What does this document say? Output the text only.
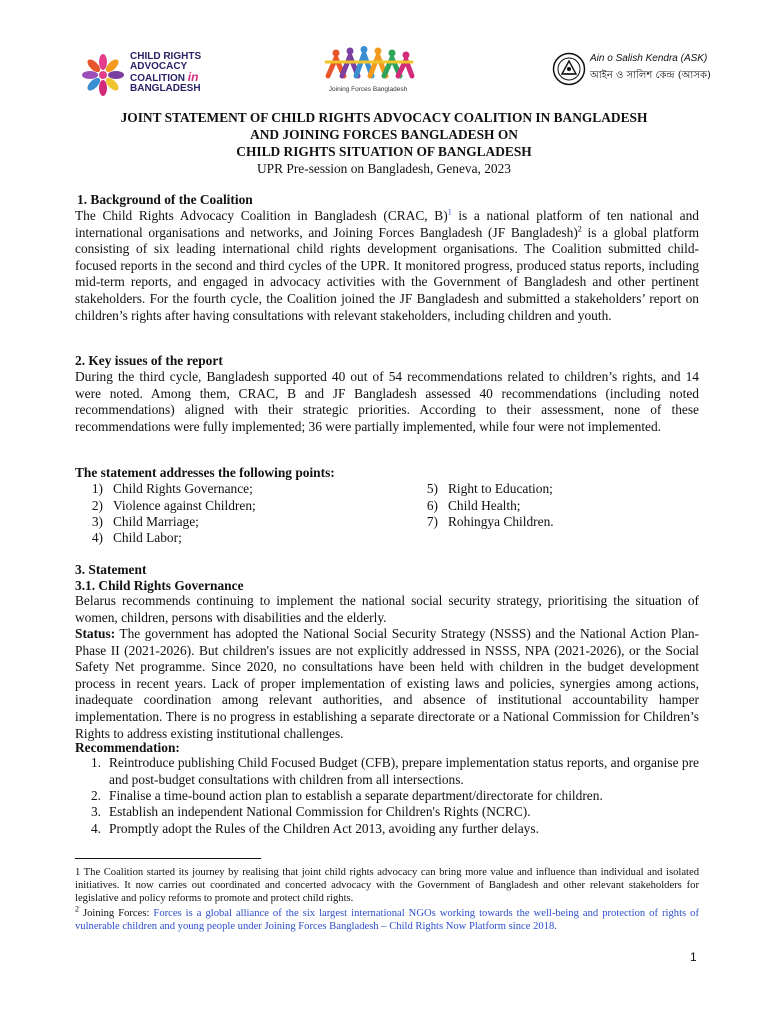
CHILD RIGHTS
ADVOCACY
COALITION in
BANGLADESH	Joining Forces Bangladesh
Ain o Salish Kendra (ASK)
আইন ও সালিশ কেন্দ্র (আসক)
JOINT STATEMENT OF CHILD RIGHTS ADVOCACY COALITION IN BANGLADESH
AND JOINING FORCES BANGLADESH ON
CHILD RIGHTS SITUATION OF BANGLADESH
UPR Pre-session on Bangladesh, Geneva, 2023
1. Background of the Coalition
The Child Rights Advocacy Coalition in Bangladesh (CRAC, B)$^1$ is a national platform of ten national and international organisations and networks, and Joining Forces Bangladesh (JF Bangladesh)$^2$ is a global platform consisting of six leading international child rights development organisations. The Coalition submitted child-focused reports in the second and third cycles of the UPR. It monitored progress, produced status reports, including mid-term reports, and engaged in advocacy activities with the Government of Bangladesh and other pertinent stakeholders. For the fourth cycle, the Coalition joined the JF Bangladesh and submitted a stakeholders’ report on children’s rights after having consultations with relevant stakeholders, including children and youth.
2. Key issues of the report
During the third cycle, Bangladesh supported 40 out of 54 recommendations related to children’s rights, and 14 were noted. Among them, CRAC, B and JF Bangladesh assessed 40 recommendations (including noted recommendations) aligned with their strategic priorities. According to their assessment, none of these recommendations were fully implemented; 36 were partially implemented, while four were not implemented.
The statement addresses the following points:
1) Child Rights Governance;
2) Violence against Children;
3) Child Marriage;
4) Child Labor;
5) Right to Education;
6) Child Health;
7) Rohingya Children.
3. Statement
3.1. Child Rights Governance
Belarus recommends continuing to implement the national social security strategy, prioritising the situation of women, children, persons with disabilities and the elderly.
Status: The government has adopted the National Social Security Strategy (NSSS) and the National Action Plan- Phase II (2021-2026). But children's issues are not explicitly addressed in NSSS, NPA (2021-2026), or the Social Safety Net programme. Since 2020, no consultations have been held with children in the budget development process in recent years. Lack of proper implementation of existing laws and policies, synergies among actions, inadequate coordination among relevant authorities, and absence of institutional accountability hamper implementation. There is no progress in establishing a separate directorate or a National Commission for Children’s Rights to address existing institutional challenges.
Recommendation:
1. Reintroduce publishing Child Focused Budget (CFB), prepare implementation status reports, and organise pre and post-budget consultations with children from all intersections.
2. Finalise a time-bound action plan to establish a separate department/directorate for children.
3. Establish an independent National Commission for Children's Rights (NCRC).
4. Promptly adopt the Rules of the Children Act 2013, avoiding any further delays.
1 The Coalition started its journey by realising that joint child rights advocacy can bring more value and influence than individual and isolated initiatives. It now carries out coordinated and concerted advocacy with the Government of Bangladesh and other relevant stakeholders for legislative and policy reforms to promote and protect child rights.
$^2$ Joining Forces: Forces is a global alliance of the six largest international NGOs working towards the well-being and protection of rights of vulnerable children and young people under Joining Forces Bangladesh – Child Rights Now Platform since 2018.
1
